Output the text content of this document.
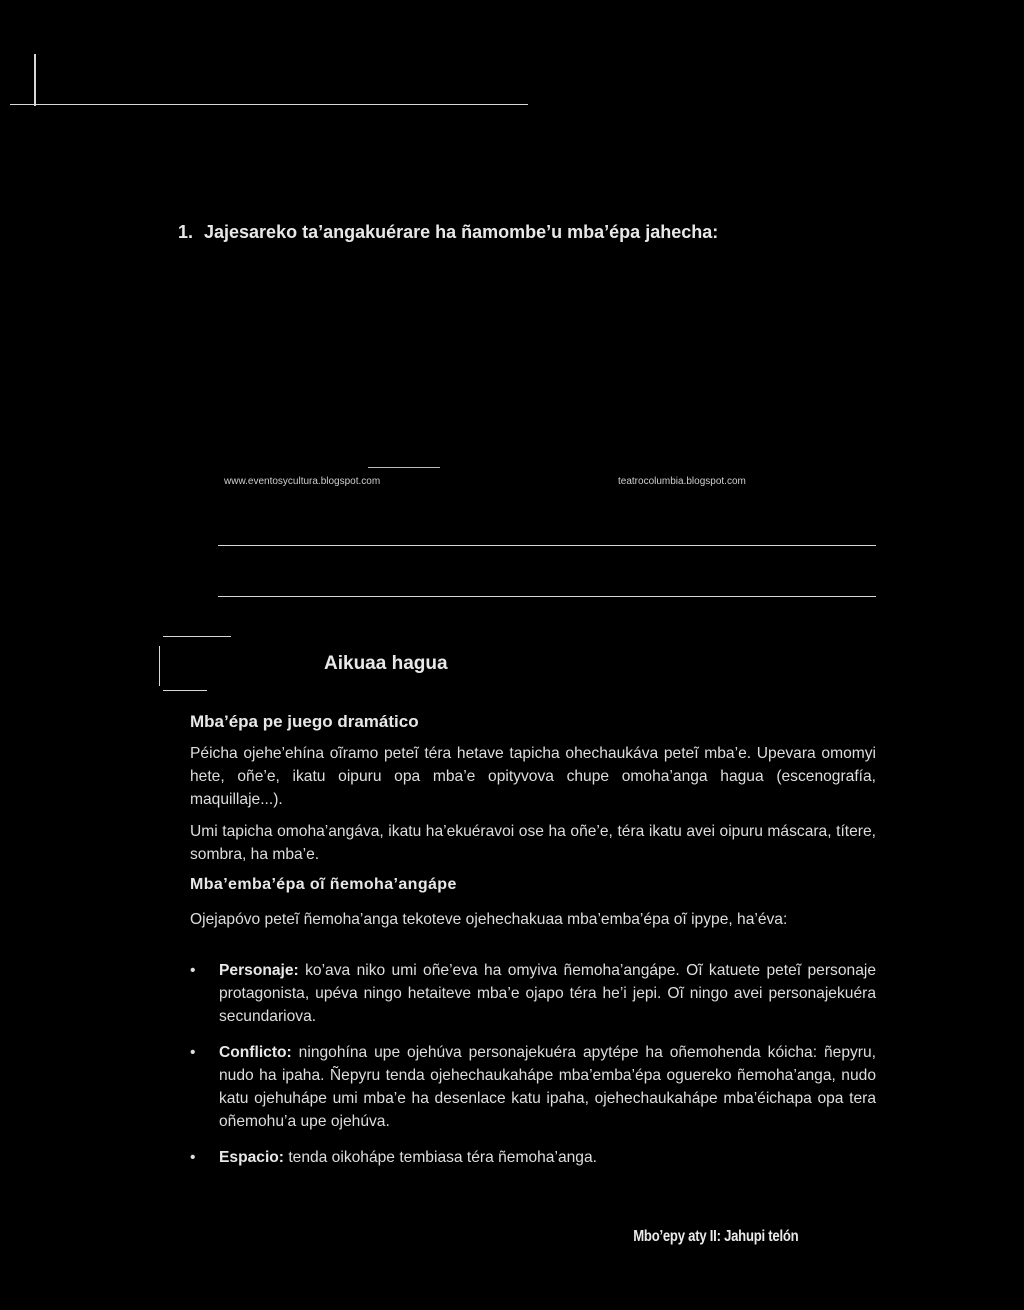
1. Jajesareko ta’angakuérare ha ñamombe’u mba’épa jahecha:
www.eventosycultura.blogspot.com	teatrocolumbia.blogspot.com
Aikuaa hagua
Mba’épa pe juego dramático
Péicha ojehe’ehína oĩramo peteĩ téra hetave tapicha ohechaukáva peteĩ mba’e. Upevara omomyi hete, oñe’e, ikatu oipuru opa mba’e opityvova chupe omoha’anga hagua (escenografía, maquillaje...).
Umi tapicha omoha’angáva, ikatu ha’ekuéravoi ose ha oñe’e, téra ikatu avei oipuru máscara, títere, sombra, ha mba’e.
Mba’emba’épa oĩ ñemoha’angápe
Ojejapóvo peteĩ ñemoha’anga tekoteve ojehechakuaa mba’emba’épa oĩ ipype, ha’éva:
• Personaje: ko’ava niko umi oñe’eva ha omyiva ñemoha’angápe. Oĩ katuete peteĩ personaje protagonista, upéva ningo hetaiteve mba’e ojapo téra he’i jepi. Oĩ ningo avei personajekuéra secundariova.
• Conflicto: ningohína upe ojehúva personajekuéra apytépe ha oñemohenda kóicha: ñepyru, nudo ha ipaha. Ñepyru tenda ojehechaukahápe mba’emba’épa oguereko ñemoha’anga, nudo katu ojehuhápe umi mba’e ha desenlace katu ipaha, ojehechaukahápe mba’éichapa opa tera oñemohu’a upe ojehúva.
• Espacio: tenda oikoháp‌e tembiasa téra ñemoha’anga.
Mbo’epy aty II: Jahupi telón
